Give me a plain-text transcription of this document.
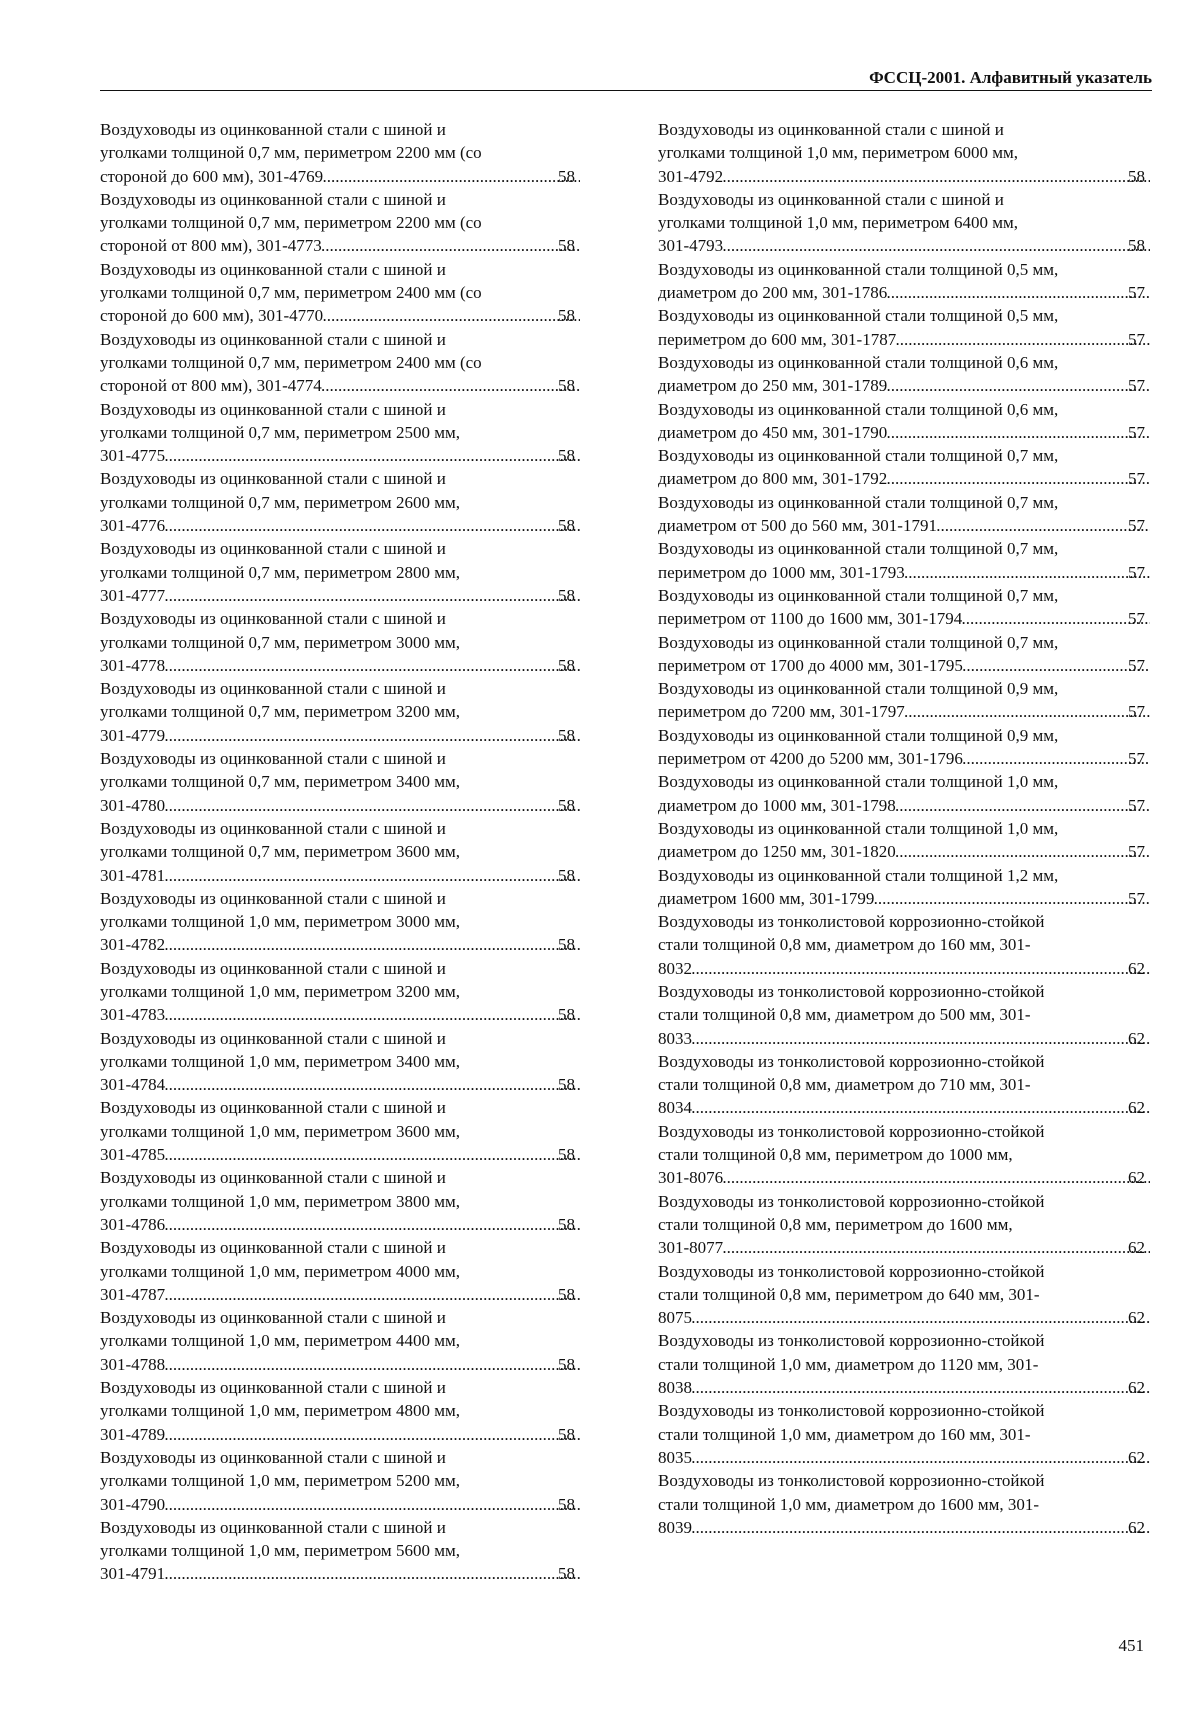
ФССЦ-2001. Алфавитный указатель
Воздуховоды из оцинкованной стали с шиной и
уголками толщиной 0,7 мм, периметром 2200 мм (со
стороной до 600 мм), 301-4769 .....	58
Воздуховоды из оцинкованной стали с шиной и
уголками толщиной 0,7 мм, периметром 2200 мм (со
стороной от 800 мм), 301-4773 .....	58
Воздуховоды из оцинкованной стали с шиной и
уголками толщиной 0,7 мм, периметром 2400 мм (со
стороной до 600 мм), 301-4770 .....	58
Воздуховоды из оцинкованной стали с шиной и
уголками толщиной 0,7 мм, периметром 2400 мм (со
стороной от 800 мм), 301-4774 .....	58
Воздуховоды из оцинкованной стали с шиной и
уголками толщиной 0,7 мм, периметром 2500 мм,
301-4775 .....	58
Воздуховоды из оцинкованной стали с шиной и
уголками толщиной 0,7 мм, периметром 2600 мм,
301-4776 .....	58
Воздуховоды из оцинкованной стали с шиной и
уголками толщиной 0,7 мм, периметром 2800 мм,
301-4777 .....	58
Воздуховоды из оцинкованной стали с шиной и
уголками толщиной 0,7 мм, периметром 3000 мм,
301-4778 .....	58
Воздуховоды из оцинкованной стали с шиной и
уголками толщиной 0,7 мм, периметром 3200 мм,
301-4779 .....	58
Воздуховоды из оцинкованной стали с шиной и
уголками толщиной 0,7 мм, периметром 3400 мм,
301-4780 .....	58
Воздуховоды из оцинкованной стали с шиной и
уголками толщиной 0,7 мм, периметром 3600 мм,
301-4781 .....	58
Воздуховоды из оцинкованной стали с шиной и
уголками толщиной 1,0 мм, периметром 3000 мм,
301-4782 .....	58
Воздуховоды из оцинкованной стали с шиной и
уголками толщиной 1,0 мм, периметром 3200 мм,
301-4783 .....	58
Воздуховоды из оцинкованной стали с шиной и
уголками толщиной 1,0 мм, периметром 3400 мм,
301-4784 .....	58
Воздуховоды из оцинкованной стали с шиной и
уголками толщиной 1,0 мм, периметром 3600 мм,
301-4785 .....	58
Воздуховоды из оцинкованной стали с шиной и
уголками толщиной 1,0 мм, периметром 3800 мм,
301-4786 .....	58
Воздуховоды из оцинкованной стали с шиной и
уголками толщиной 1,0 мм, периметром 4000 мм,
301-4787 .....	58
Воздуховоды из оцинкованной стали с шиной и
уголками толщиной 1,0 мм, периметром 4400 мм,
301-4788 .....	58
Воздуховоды из оцинкованной стали с шиной и
уголками толщиной 1,0 мм, периметром 4800 мм,
301-4789 .....	58
Воздуховоды из оцинкованной стали с шиной и
уголками толщиной 1,0 мм, периметром 5200 мм,
301-4790 .....	58
Воздуховоды из оцинкованной стали с шиной и
уголками толщиной 1,0 мм, периметром 5600 мм,
301-4791 .....	58
Воздуховоды из оцинкованной стали с шиной и
уголками толщиной 1,0 мм, периметром 6000 мм,
301-4792 .....	58
Воздуховоды из оцинкованной стали с шиной и
уголками толщиной 1,0 мм, периметром 6400 мм,
301-4793 .....	58
Воздуховоды из оцинкованной стали толщиной 0,5 мм,
диаметром до 200 мм, 301-1786 .....	57
Воздуховоды из оцинкованной стали толщиной 0,5 мм,
периметром до 600 мм, 301-1787 .....	57
Воздуховоды из оцинкованной стали толщиной 0,6 мм,
диаметром до 250 мм, 301-1789 .....	57
Воздуховоды из оцинкованной стали толщиной 0,6 мм,
диаметром до 450 мм, 301-1790 .....	57
Воздуховоды из оцинкованной стали толщиной 0,7 мм,
диаметром до 800 мм, 301-1792 .....	57
Воздуховоды из оцинкованной стали толщиной 0,7 мм,
диаметром от 500 до 560 мм, 301-1791 .....	57
Воздуховоды из оцинкованной стали толщиной 0,7 мм,
периметром до 1000 мм, 301-1793 .....	57
Воздуховоды из оцинкованной стали толщиной 0,7 мм,
периметром от 1100 до 1600 мм, 301-1794 .....	57
Воздуховоды из оцинкованной стали толщиной 0,7 мм,
периметром от 1700 до 4000 мм, 301-1795 .....	57
Воздуховоды из оцинкованной стали толщиной 0,9 мм,
периметром до 7200 мм, 301-1797 .....	57
Воздуховоды из оцинкованной стали толщиной 0,9 мм,
периметром от 4200 до 5200 мм, 301-1796 .....	57
Воздуховоды из оцинкованной стали толщиной 1,0 мм,
диаметром до 1000 мм, 301-1798 .....	57
Воздуховоды из оцинкованной стали толщиной 1,0 мм,
диаметром до 1250 мм, 301-1820 .....	57
Воздуховоды из оцинкованной стали толщиной 1,2 мм,
диаметром 1600 мм, 301-1799 .....	57
Воздуховоды из тонколистовой коррозионно-стойкой
стали толщиной 0,8 мм, диаметром до 160 мм, 301-
8032 .....	62
Воздуховоды из тонколистовой коррозионно-стойкой
стали толщиной 0,8 мм, диаметром до 500 мм, 301-
8033 .....	62
Воздуховоды из тонколистовой коррозионно-стойкой
стали толщиной 0,8 мм, диаметром до 710 мм, 301-
8034 .....	62
Воздуховоды из тонколистовой коррозионно-стойкой
стали толщиной 0,8 мм, периметром до 1000 мм,
301-8076 .....	62
Воздуховоды из тонколистовой коррозионно-стойкой
стали толщиной 0,8 мм, периметром до 1600 мм,
301-8077 .....	62
Воздуховоды из тонколистовой коррозионно-стойкой
стали толщиной 0,8 мм, периметром до 640 мм, 301-
8075 .....	62
Воздуховоды из тонколистовой коррозионно-стойкой
стали толщиной 1,0 мм, диаметром до 1120 мм, 301-
8038 .....	62
Воздуховоды из тонколистовой коррозионно-стойкой
стали толщиной 1,0 мм, диаметром до 160 мм, 301-
8035 .....	62
Воздуховоды из тонколистовой коррозионно-стойкой
стали толщиной 1,0 мм, диаметром до 1600 мм, 301-
8039 .....	62
451
